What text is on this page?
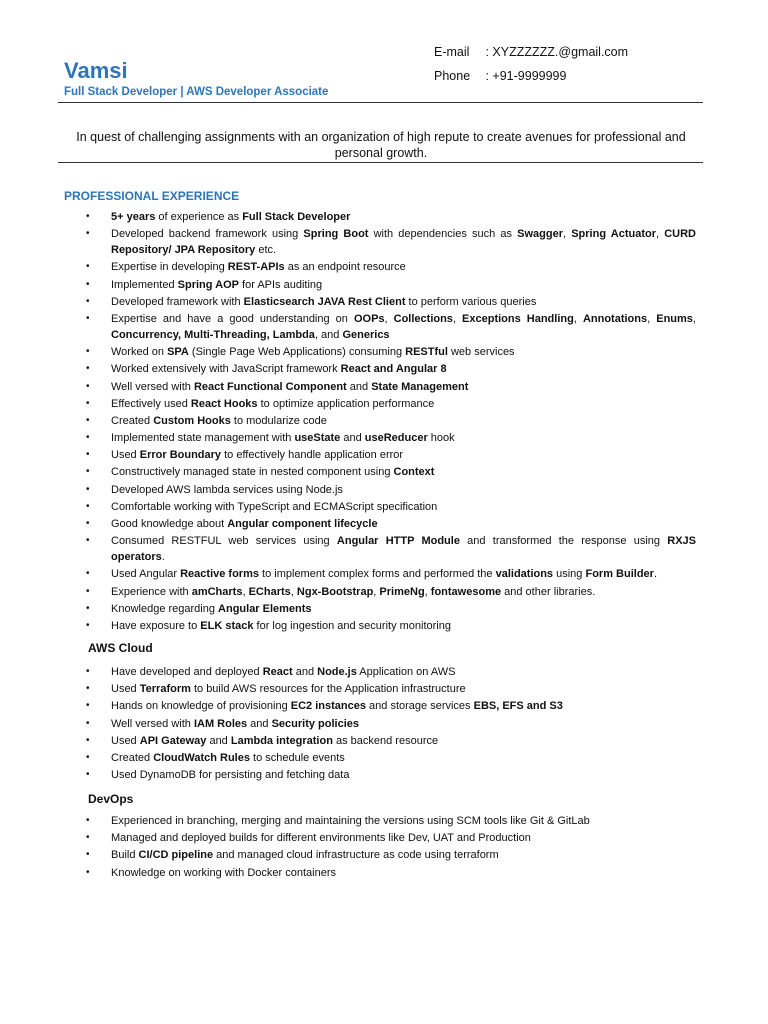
Vamsi
Full Stack Developer | AWS Developer Associate
E-mail : XYZZZZZZ.@gmail.com
Phone : +91-9999999
In quest of challenging assignments with an organization of high repute to create avenues for professional and personal growth.
PROFESSIONAL EXPERIENCE
• 5+ years of experience as Full Stack Developer
• Developed backend framework using Spring Boot with dependencies such as Swagger, Spring Actuator, CURD Repository/ JPA Repository etc.
• Expertise in developing REST-APIs as an endpoint resource
• Implemented Spring AOP for APIs auditing
• Developed framework with Elasticsearch JAVA Rest Client to perform various queries
• Expertise and have a good understanding on OOPs, Collections, Exceptions Handling, Annotations, Enums, Concurrency, Multi-Threading, Lambda, and Generics
• Worked on SPA (Single Page Web Applications) consuming RESTful web services
• Worked extensively with JavaScript framework React and Angular 8
• Well versed with React Functional Component and State Management
• Effectively used React Hooks to optimize application performance
• Created Custom Hooks to modularize code
• Implemented state management with useState and useReducer hook
• Used Error Boundary to effectively handle application error
• Constructively managed state in nested component using Context
• Developed AWS lambda services using Node.js
• Comfortable working with TypeScript and ECMAScript specification
• Good knowledge about Angular component lifecycle
• Consumed RESTFUL web services using Angular HTTP Module and transformed the response using RXJS operators.
• Used Angular Reactive forms to implement complex forms and performed the validations using Form Builder.
• Experience with amCharts, ECharts, Ngx-Bootstrap, PrimeNg, fontawesome and other libraries.
• Knowledge regarding Angular Elements
• Have exposure to ELK stack for log ingestion and security monitoring
AWS Cloud
• Have developed and deployed React and Node.js Application on AWS
• Used Terraform to build AWS resources for the Application infrastructure
• Hands on knowledge of provisioning EC2 instances and storage services EBS, EFS and S3
• Well versed with IAM Roles and Security policies
• Used API Gateway and Lambda integration as backend resource
• Created CloudWatch Rules to schedule events
• Used DynamoDB for persisting and fetching data
DevOps
• Experienced in branching, merging and maintaining the versions using SCM tools like Git & GitLab
• Managed and deployed builds for different environments like Dev, UAT and Production
• Build CI/CD pipeline and managed cloud infrastructure as code using terraform
• Knowledge on working with Docker containers
